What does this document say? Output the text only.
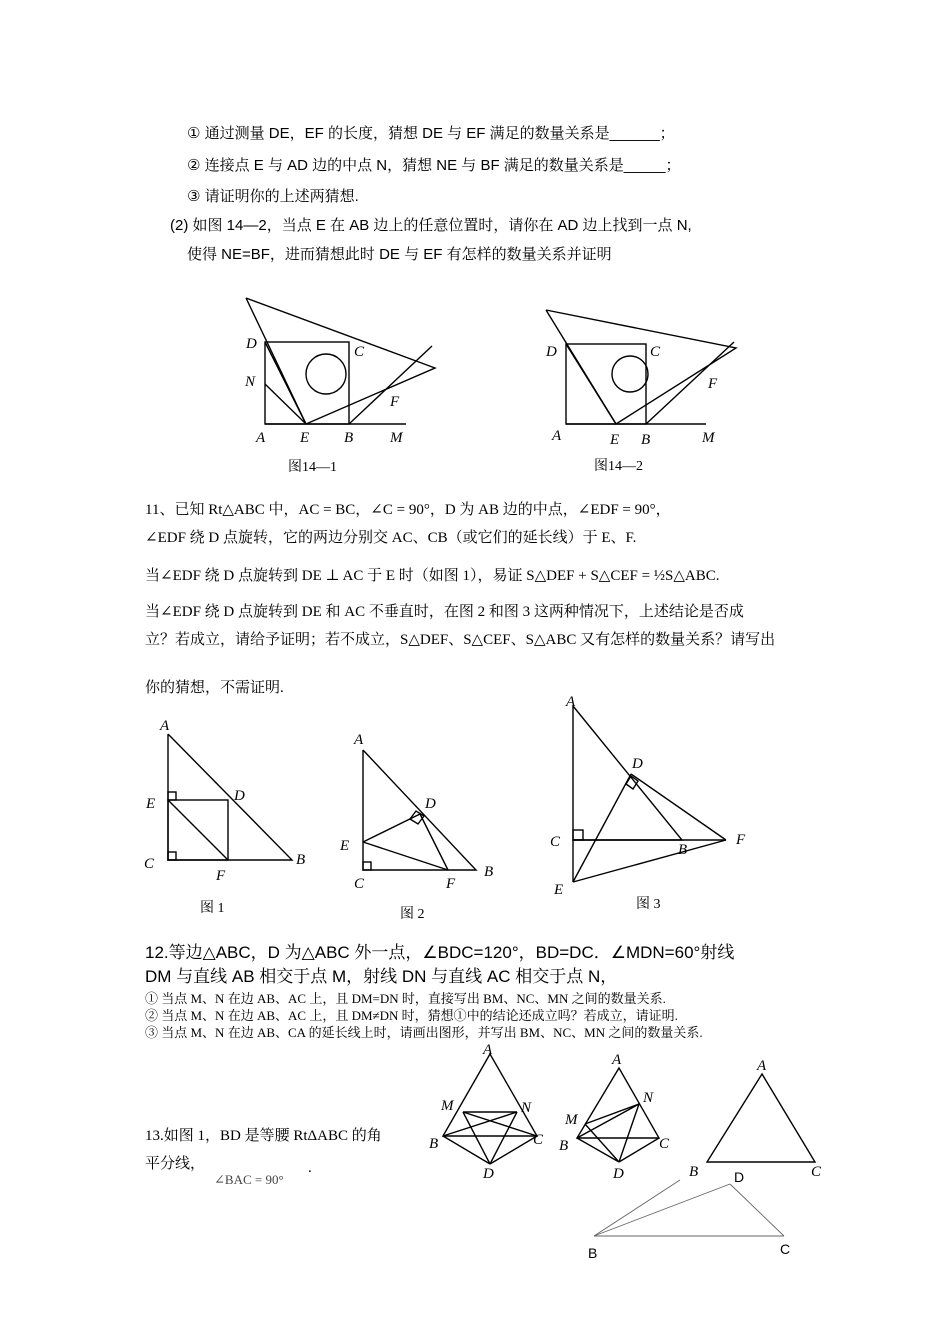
① 通过测量 DE，EF 的长度，猜想 DE 与 EF 满足的数量关系是______；
② 连接点 E 与 AD 边的中点 N，猜想 NE 与 BF 满足的数量关系是_____；
③ 请证明你的上述两猜想.
(2) 如图 14—2，当点 E 在 AB 边上的任意位置时，请你在 AD 边上找到一点 N,
使得 NE=BF，进而猜想此时 DE 与 EF 有怎样的数量关系并证明
D	C
N
F
A E B M
图14—1
D	C
F
A	E B	M
图14—2
11、已知 Rt△ABC 中，AC = BC，∠C = 90°，D 为 AB 边的中点，∠EDF = 90°，
∠EDF 绕 D 点旋转，它的两边分别交 AC、CB（或它们的延长线）于 E、F.
当∠EDF 绕 D 点旋转到 DE ⊥ AC 于 E 时（如图 1），易证 S△DEF + S△CEF = ½S△ABC.
当∠EDF 绕 D 点旋转到 DE 和 AC 不垂直时，在图 2 和图 3 这两种情况下，上述结论是否成
立？若成立，请给予证明；若不成立，S△DEF、S△CEF、S△ABC 又有怎样的数量关系？请写出
你的猜想，不需证明.
A
E	D
C	B
F
图 1
A
D
E
C	F
B
图 2
A
D
C	B
F
E
图 3
12.等边△ABC，D 为△ABC 外一点，∠BDC=120°，BD=DC．∠MDN=60°射线
DM 与直线 AB 相交于点 M，射线 DN 与直线 AC 相交于点 N，
① 当点 M、N 在边 AB、AC 上，且 DM=DN 时，直接写出 BM、NC、MN 之间的数量关系.
② 当点 M、N 在边 AB、AC 上，且 DM≠DN 时，猜想①中的结论还成立吗？若成立，请证明.
③ 当点 M、N 在边 AB、CA 的延长线上时，请画出图形，并写出 BM、NC、MN 之间的数量关系.
A
M	N
B	C
D
A
N
M
B	C
D
A
B	C
13.如图 1，BD 是等腰 RtΔABC 的角
平分线，
∠BAC = 90°
.
D
B	C
